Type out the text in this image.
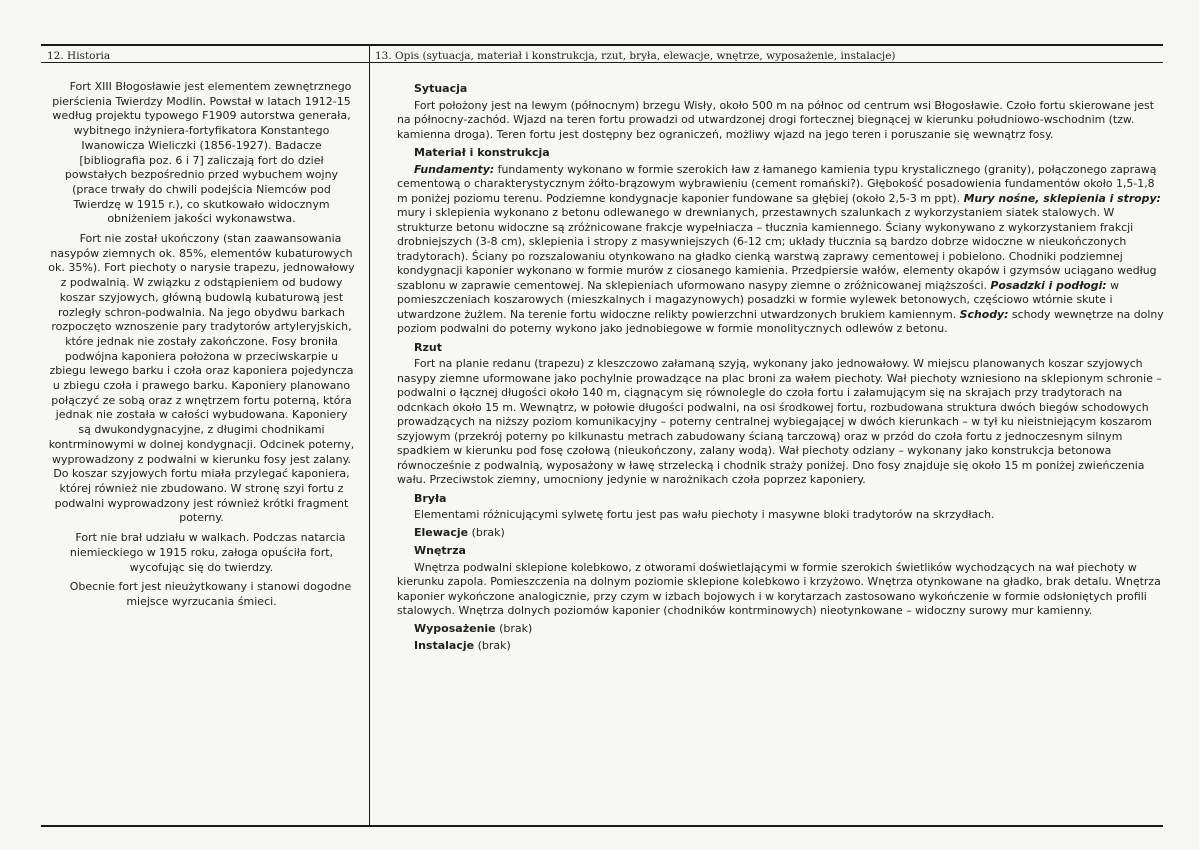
12. Historia	13. Opis (sytuacja, materiał i konstrukcja, rzut, bryła, elewacje, wnętrze, wyposażenie, instalacje)

Fort XIII Błogosławie jest elementem zewnętrznego pierścienia Twierdzy Modlin. Powstał w latach 1912-15 według projektu typowego F1909 autorstwa generała, wybitnego inżyniera-fortyfikatora Konstantego Iwanowicza Wieliczki (1856-1927). Badacze [bibliografia poz. 6 i 7] zaliczają fort do dzieł powstałych bezpośrednio przed wybuchem wojny (prace trwały do chwili podejścia Niemców pod Twierdzę w 1915 r.), co skutkowało widocznym obniżeniem jakości wykonawstwa.

Fort nie został ukończony (stan zaawansowania nasypów ziemnych ok. 85%, elementów kubaturowych ok. 35%). Fort piechoty o narysie trapezu, jednowałowy z podwalnią. W związku z odstąpieniem od budowy koszar szyjowych, główną budowlą kubaturową jest rozległy schron-podwalnia. Na jego obydwu barkach rozpoczęto wznoszenie pary tradytorów artyleryjskich, które jednak nie zostały zakończone. Fosy broniła podwójna kaponiera położona w przeciwskarpie u zbiegu lewego barku i czoła oraz kaponiera pojedyncza u zbiegu czoła i prawego barku. Kaponiery planowano połączyć ze sobą oraz z wnętrzem fortu poterną, która jednak nie została w całości wybudowana. Kaponiery są dwukondygnacyjne, z długimi chodnikami kontrminowymi w dolnej kondygnacji. Odcinek poterny, wyprowadzony z podwalni w kierunku fosy jest zalany. Do koszar szyjowych fortu miała przylegać kaponiera, której również nie zbudowano. W stronę szyi fortu z podwalni wyprowadzony jest również krótki fragment poterny.

Fort nie brał udziału w walkach. Podczas natarcia niemieckiego w 1915 roku, załoga opuściła fort, wycofując się do twierdzy.

Obecnie fort jest nieużytkowany i stanowi dogodne miejsce wyrzucania śmieci.

Sytuacja

Fort położony jest na lewym (północnym) brzegu Wisły, około 500 m na północ od centrum wsi Błogosławie. Czoło fortu skierowane jest na północny-zachód. Wjazd na teren fortu prowadzi od utwardzonej drogi fortecznej biegnącej w kierunku południowo-wschodnim (tzw. kamienna droga). Teren fortu jest dostępny bez ograniczeń, możliwy wjazd na jego teren i poruszanie się wewnątrz fosy.

Materiał i konstrukcja

Fundamenty: fundamenty wykonano w formie szerokich ław z łamanego kamienia typu krystalicznego (granity), połączonego zaprawą cementową o charakterystycznym żółto-brązowym wybrawieniu (cement romański?). Głębokość posadowienia fundamentów około 1,5-1,8 m poniżej poziomu terenu. Podziemne kondygnacje kaponier fundowane sa głębiej (około 2,5-3 m ppt). Mury nośne, sklepienia i stropy: mury i sklepienia wykonano z betonu odlewanego w drewnianych, przestawnych szalunkach z wykorzystaniem siatek stalowych. W strukturze betonu widoczne są zróżnicowane frakcje wypełniacza – tłucznia kamiennego. Ściany wykonywano z wykorzystaniem frakcji drobniejszych (3-8 cm), sklepienia i stropy z masywniejszych (6-12 cm; układy tłucznia są bardzo dobrze widoczne w nieukończonych tradytorach). Ściany po rozszalowaniu otynkowano na gładko cienką warstwą zaprawy cementowej i pobielono. Chodniki podziemnej kondygnacji kaponier wykonano w formie murów z ciosanego kamienia. Przedpiersie wałów, elementy okapów i gzymsów uciągano według szablonu w zaprawie cementowej. Na sklepieniach uformowano nasypy ziemne o zróżnicowanej miąższości. Posadzki i podłogi: w pomieszczeniach koszarowych (mieszkalnych i magazynowych) posadzki w formie wylewek betonowych, częściowo wtórnie skute i utwardzone żużlem. Na terenie fortu widoczne relikty powierzchni utwardzonych brukiem kamiennym. Schody: schody wewnętrze na dolny poziom podwalni do poterny wykono jako jednobiegowe w formie monolitycznych odlewów z betonu.

Rzut

Fort na planie redanu (trapezu) z kleszczowo załamaną szyją, wykonany jako jednowałowy. W miejscu planowanych koszar szyjowych nasypy ziemne uformowane jako pochylnie prowadzące na plac broni za wałem piechoty. Wał piechoty wzniesiono na sklepionym schronie – podwalni o łącznej długości około 140 m, ciągnącym się równolegle do czoła fortu i załamującym się na skrajach przy tradytorach na odcnkach około 15 m. Wewnątrz, w połowie długości podwalni, na osi środkowej fortu, rozbudowana struktura dwóch biegów schodowych prowadzących na niższy poziom komunikacyjny – poterny centralnej wybiegającej w dwóch kierunkach – w tył ku nieistniejącym koszarom szyjowym (przekrój poterny po kilkunastu metrach zabudowany ścianą tarczową) oraz w przód do czoła fortu z jednoczesnym silnym spadkiem w kierunku pod fosę czołową (nieukończony, zalany wodą). Wał piechoty odziany – wykonany jako konstrukcja betonowa równocześnie z podwalnią, wyposażony w ławę strzelecką i chodnik straży poniżej. Dno fosy znajduje się około 15 m poniżej zwieńczenia wału. Przeciwstok ziemny, umocniony jedynie w narożnikach czoła poprzez kaponiery.

Bryła

Elementami różnicującymi sylwetę fortu jest pas wału piechoty i masywne bloki tradytorów na skrzydłach.

Elewacje (brak)
Wnętrza

Wnętrza podwalni sklepione kolebkowo, z otworami doświetlającymi w formie szerokich świetlików wychodzących na wał piechoty w kierunku zapola. Pomieszczenia na dolnym poziomie sklepione kolebkowo i krzyżowo. Wnętrza otynkowane na gładko, brak detalu. Wnętrza kaponier wykończone analogicznie, przy czym w izbach bojowych i w korytarzach zastosowano wykończenie w formie odsłoniętych profili stalowych. Wnętrza dolnych poziomów kaponier (chodników kontrminowych) nieotynkowane – widoczny surowy mur kamienny.

Wyposażenie (brak)
Instalacje (brak)
